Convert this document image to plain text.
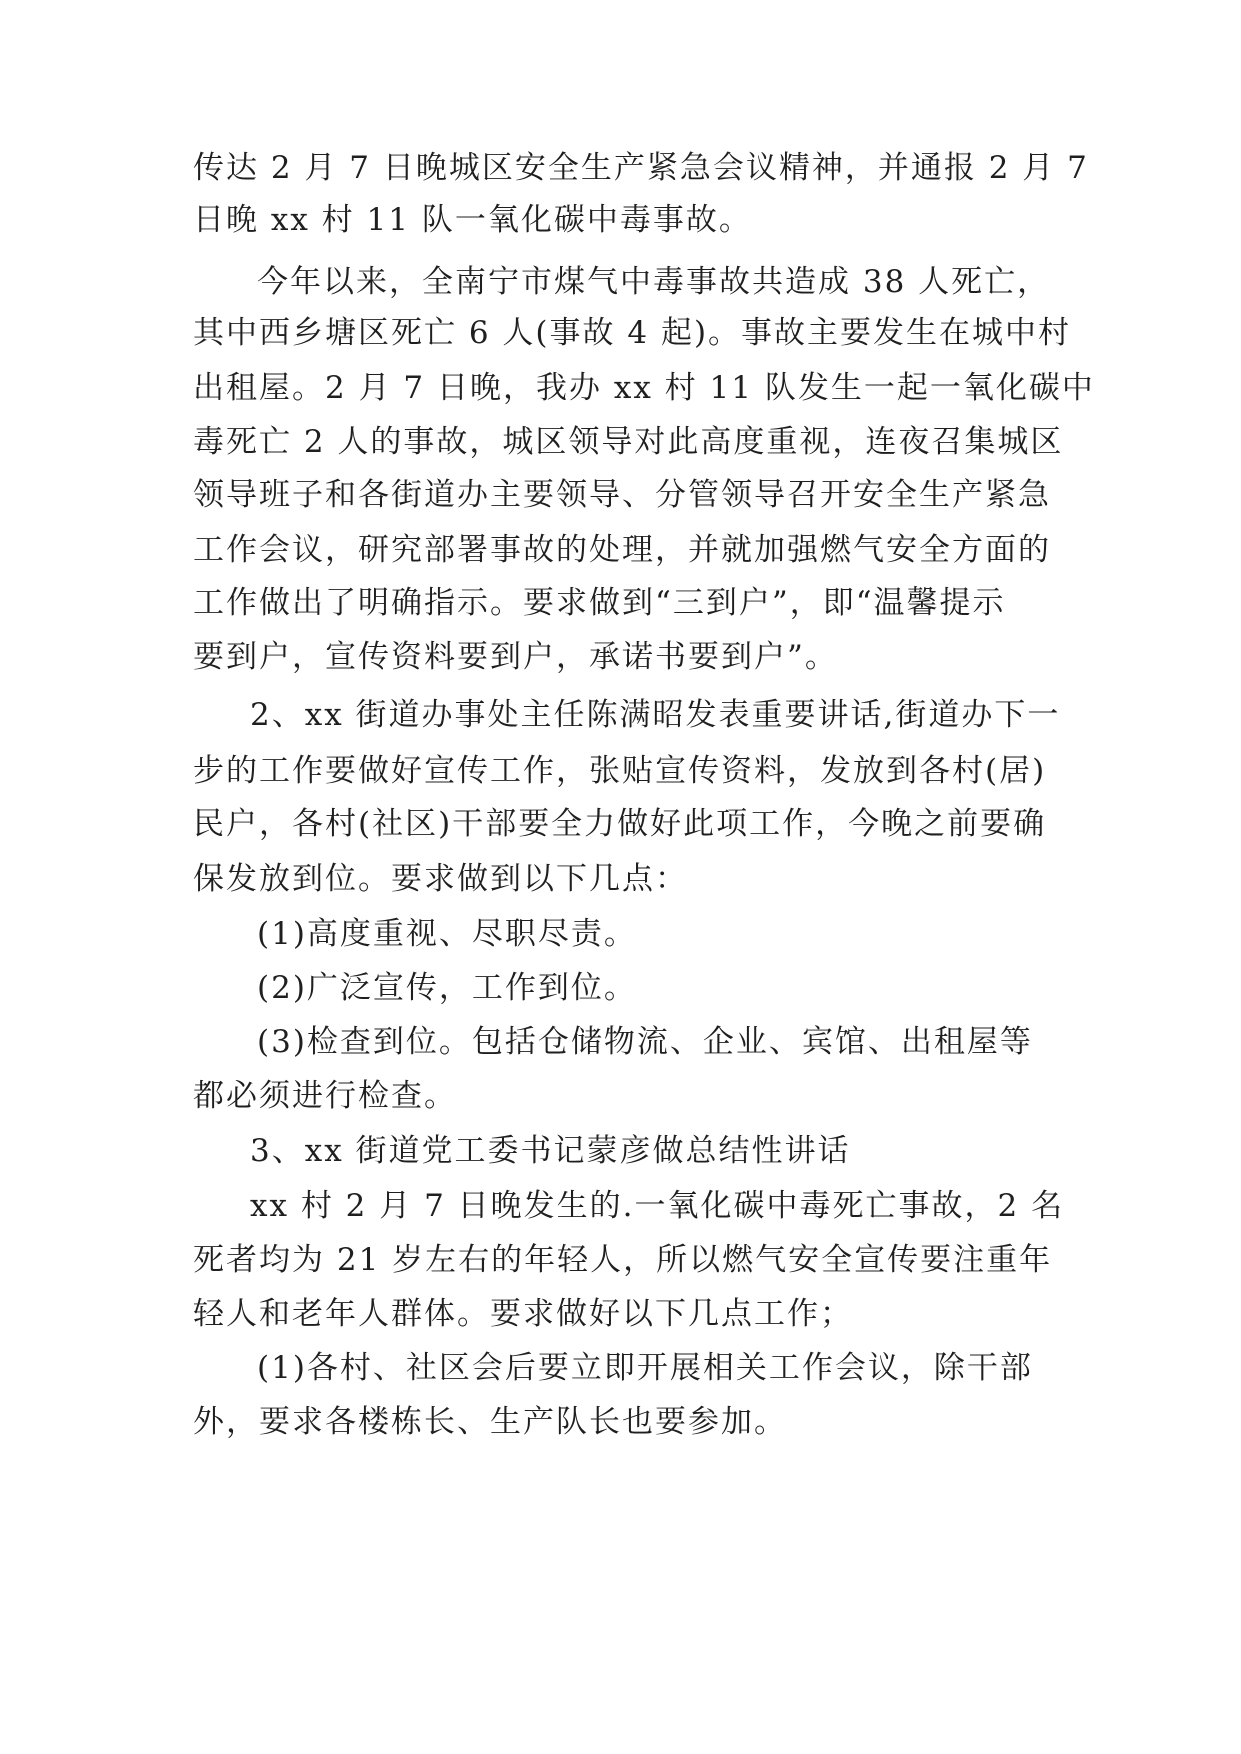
传达 2 月 7 日晚城区安全生产紧急会议精神，并通报 2 月 7
日晚 xx 村 11 队一氧化碳中毒事故。
今年以来，全南宁市煤气中毒事故共造成 38 人死亡，
其中西乡塘区死亡 6 人(事故 4 起)。事故主要发生在城中村
出租屋。2 月 7 日晚，我办 xx 村 11 队发生一起一氧化碳中
毒死亡 2 人的事故，城区领导对此高度重视，连夜召集城区
领导班子和各街道办主要领导、分管领导召开安全生产紧急
工作会议，研究部署事故的处理，并就加强燃气安全方面的
工作做出了明确指示。要求做到“三到户”，即“温馨提示
要到户，宣传资料要到户，承诺书要到户”。
2、xx 街道办事处主任陈满昭发表重要讲话,街道办下一
步的工作要做好宣传工作，张贴宣传资料，发放到各村(居)
民户，各村(社区)干部要全力做好此项工作，今晚之前要确
保发放到位。要求做到以下几点：
(1)高度重视、尽职尽责。
(2)广泛宣传，工作到位。
(3)检查到位。包括仓储物流、企业、宾馆、出租屋等
都必须进行检查。
3、xx 街道党工委书记蒙彦做总结性讲话
xx 村 2 月 7 日晚发生的.一氧化碳中毒死亡事故，2 名
死者均为 21 岁左右的年轻人，所以燃气安全宣传要注重年
轻人和老年人群体。要求做好以下几点工作；
(1)各村、社区会后要立即开展相关工作会议，除干部
外，要求各楼栋长、生产队长也要参加。
